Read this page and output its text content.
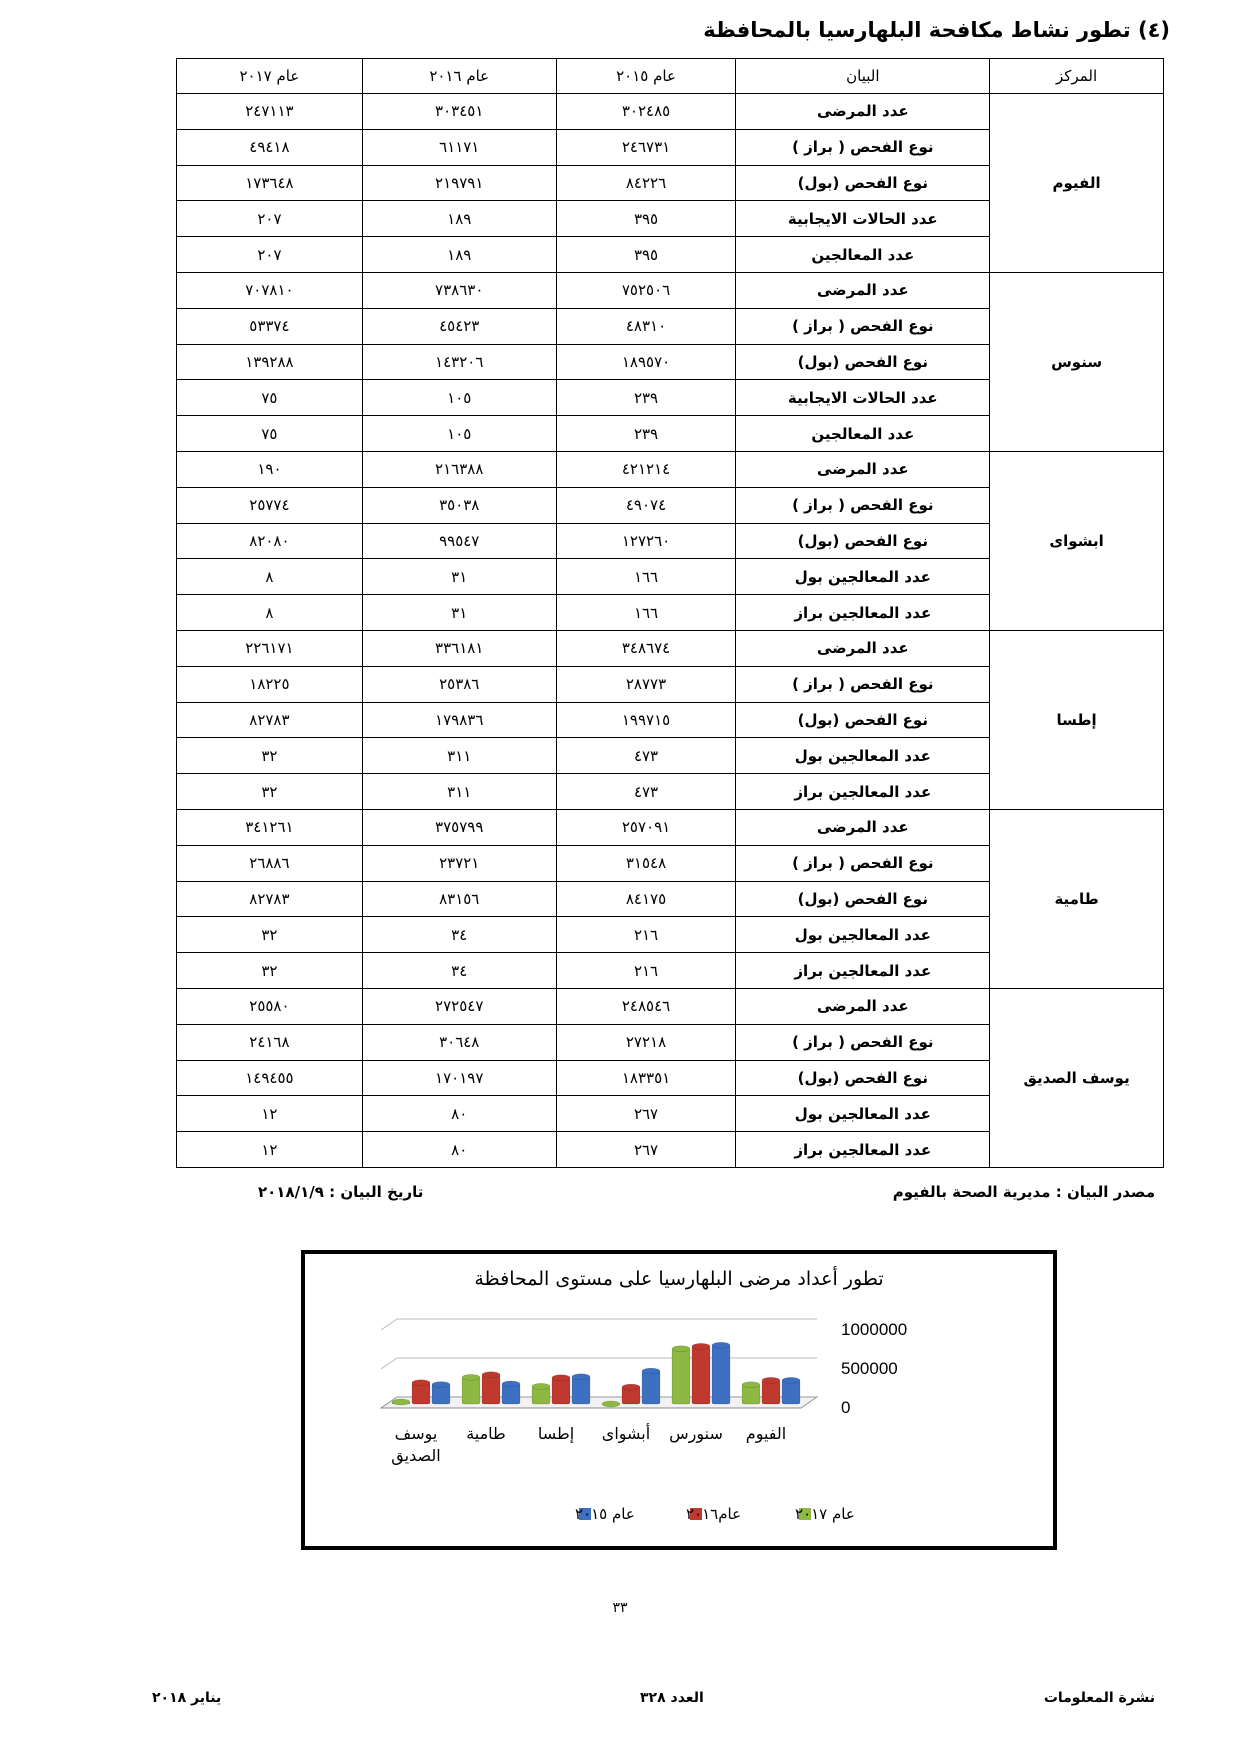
(٤) تطور نشاط مكافحة البلهارسيا بالمحافظة
المركز	البيان	عام ٢٠١٥	عام ٢٠١٦	عام ٢٠١٧
الفيوم	عدد المرضى	٣٠٢٤٨٥	٣٠٣٤٥١	٢٤٧١١٣
	نوع الفحص ( براز )	٢٤٦٧٣١	٦١١٧١	٤٩٤١٨
	نوع الفحص (بول)	٨٤٢٢٦	٢١٩٧٩١	١٧٣٦٤٨
	عدد الحالات الايجابية	٣٩٥	١٨٩	٢٠٧
	عدد المعالجين	٣٩٥	١٨٩	٢٠٧
سنوس	عدد المرضى	٧٥٢٥٠٦	٧٣٨٦٣٠	٧٠٧٨١٠
	نوع الفحص ( براز )	٤٨٣١٠	٤٥٤٢٣	٥٣٣٧٤
	نوع الفحص (بول)	١٨٩٥٧٠	١٤٣٢٠٦	١٣٩٢٨٨
	عدد الحالات الايجابية	٢٣٩	١٠٥	٧٥
	عدد المعالجين	٢٣٩	١٠٥	٧٥
ابشواى	عدد المرضى	٤٢١٢١٤	٢١٦٣٨٨	١٩٠
	نوع الفحص ( براز )	٤٩٠٧٤	٣٥٠٣٨	٢٥٧٧٤
	نوع الفحص (بول)	١٢٧٢٦٠	٩٩٥٤٧	٨٢٠٨٠
	عدد المعالجين بول	١٦٦	٣١	٨
	عدد المعالجين براز	١٦٦	٣١	٨
إطسا	عدد المرضى	٣٤٨٦٧٤	٣٣٦١٨١	٢٢٦١٧١
	نوع الفحص ( براز )	٢٨٧٧٣	٢٥٣٨٦	١٨٢٢٥
	نوع الفحص (بول)	١٩٩٧١٥	١٧٩٨٣٦	٨٢٧٨٣
	عدد المعالجين بول	٤٧٣	٣١١	٣٢
	عدد المعالجين براز	٤٧٣	٣١١	٣٢
طامية	عدد المرضى	٢٥٧٠٩١	٣٧٥٧٩٩	٣٤١٢٦١
	نوع الفحص ( براز )	٣١٥٤٨	٢٣٧٢١	٢٦٨٨٦
	نوع الفحص (بول)	٨٤١٧٥	٨٣١٥٦	٨٢٧٨٣
	عدد المعالجين بول	٢١٦	٣٤	٣٢
	عدد المعالجين براز	٢١٦	٣٤	٣٢
يوسف الصديق	عدد المرضى	٢٤٨٥٤٦	٢٧٢٥٤٧	٢٥٥٨٠
	نوع الفحص ( براز )	٢٧٢١٨	٣٠٦٤٨	٢٤١٦٨
	نوع الفحص (بول)	١٨٣٣٥١	١٧٠١٩٧	١٤٩٤٥٥
	عدد المعالجين بول	٢٦٧	٨٠	١٢
	عدد المعالجين براز	٢٦٧	٨٠	١٢
مصدر البيان : مديرية الصحة بالفيوم
تاريخ البيان : ٢٠١٨/١/٩
تطور أعداد مرضى البلهارسيا على مستوى المحافظة
0
500000
1000000
الفيوم
سنورس
أبشواى
إطسا
طامية
يوسف الصديق
عام ٢٠١٧
عام٢٠١٦
عام ٢٠١٥
٣٣
نشرة المعلومات
العدد ٣٢٨
يناير ٢٠١٨
